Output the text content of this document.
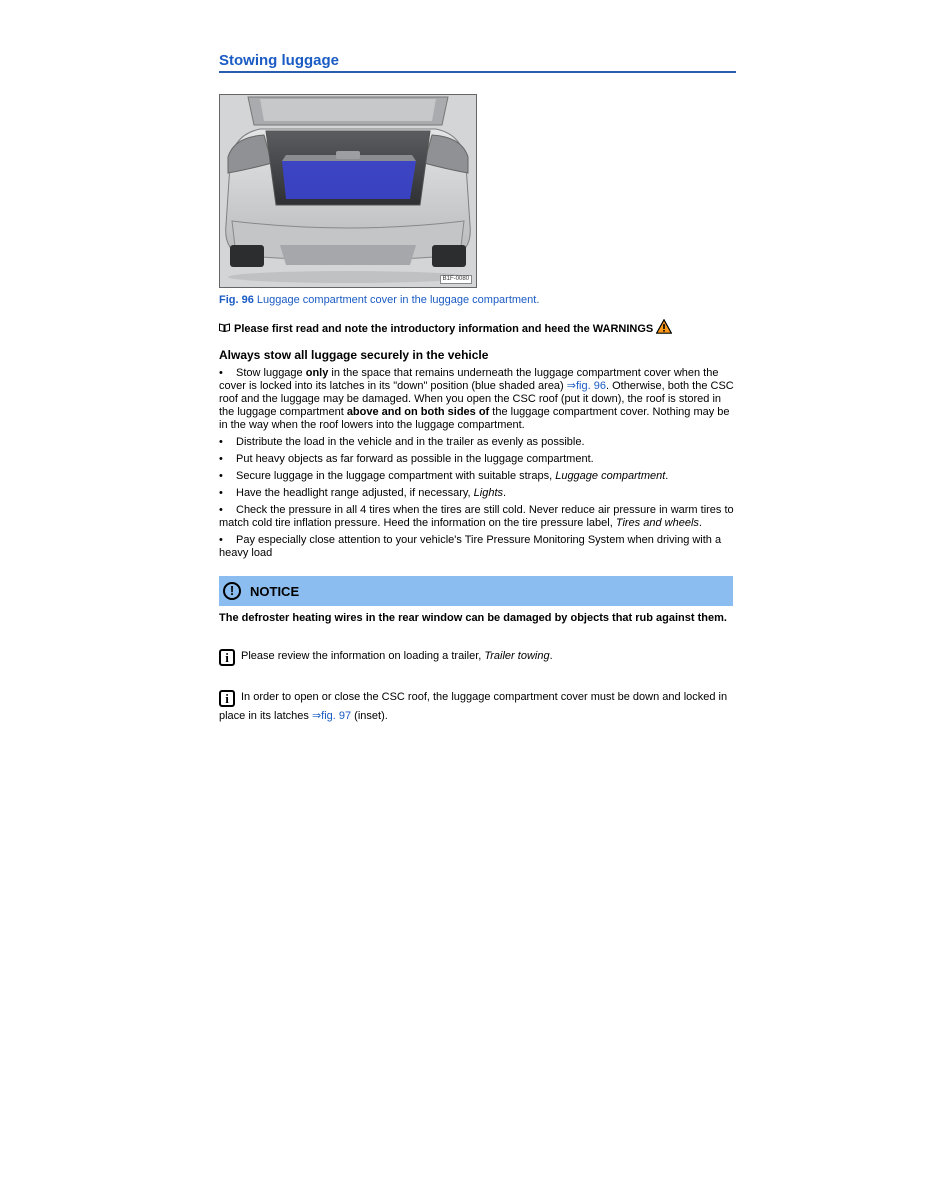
Stowing luggage
B1F-0080
Fig. 96 Luggage compartment cover in the luggage compartment.
Please first read and note the introductory information and heed the WARNINGS
Always stow all luggage securely in the vehicle
• Stow luggage only in the space that remains underneath the luggage compartment cover when the cover is locked into its latches in its "down" position (blue shaded area) ⇒fig. 96. Otherwise, both the CSC roof and the luggage may be damaged. When you open the CSC roof (put it down), the roof is stored in the luggage compartment above and on both sides of the luggage compartment cover. Nothing may be in the way when the roof lowers into the luggage compartment.
• Distribute the load in the vehicle and in the trailer as evenly as possible.
• Put heavy objects as far forward as possible in the luggage compartment.
• Secure luggage in the luggage compartment with suitable straps, Luggage compartment.
• Have the headlight range adjusted, if necessary, Lights.
• Check the pressure in all 4 tires when the tires are still cold. Never reduce air pressure in warm tires to match cold tire inflation pressure. Heed the information on the tire pressure label, Tires and wheels.
• Pay especially close attention to your vehicle's Tire Pressure Monitoring System when driving with a heavy load
!	NOTICE
The defroster heating wires in the rear window can be damaged by objects that rub against them.
i Please review the information on loading a trailer, Trailer towing.
i In order to open or close the CSC roof, the luggage compartment cover must be down and locked in place in its latches ⇒fig. 97 (inset).
